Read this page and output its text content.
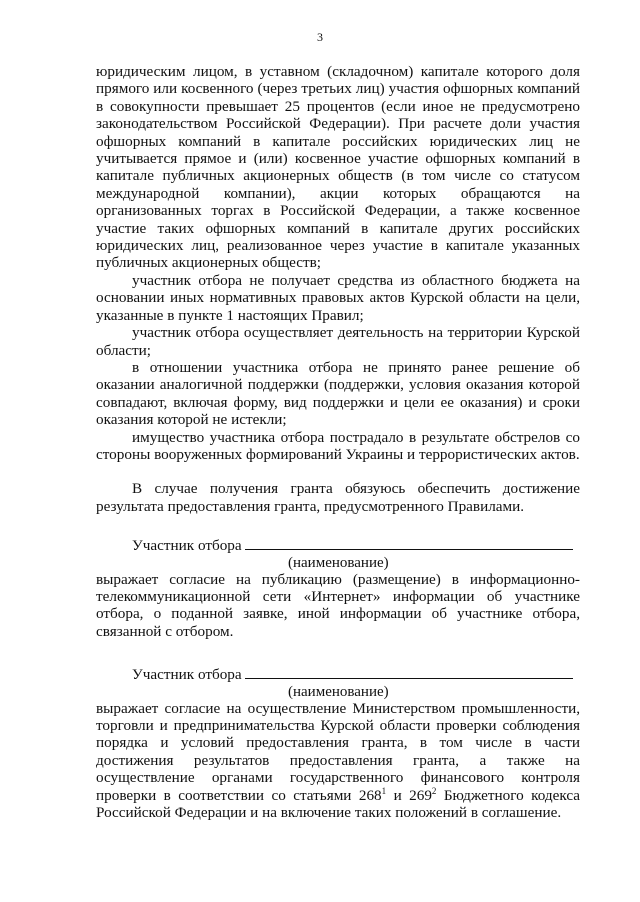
3

юридическим лицом, в уставном (складочном) капитале которого доля прямого или косвенного (через третьих лиц) участия офшорных компаний в совокупности превышает 25 процентов (если иное не предусмотрено законодательством Российской Федерации). При расчете доли участия офшорных компаний в капитале российских юридических лиц не учитывается прямое и (или) косвенное участие офшорных компаний в капитале публичных акционерных обществ (в том числе со статусом международной компании), акции которых обращаются на организованных торгах в Российской Федерации, а также косвенное участие таких офшорных компаний в капитале других российских юридических лиц, реализованное через участие в капитале указанных публичных акционерных обществ;

участник отбора не получает средства из областного бюджета на основании иных нормативных правовых актов Курской области на цели, указанные в пункте 1 настоящих Правил;

участник отбора осуществляет деятельность на территории Курской области;

в отношении участника отбора не принято ранее решение об оказании аналогичной поддержки (поддержки, условия оказания которой совпадают, включая форму, вид поддержки и цели ее оказания) и сроки оказания которой не истекли;

имущество участника отбора пострадало в результате обстрелов со стороны вооруженных формирований Украины и террористических актов.

В случае получения гранта обязуюсь обеспечить достижение результата предоставления гранта, предусмотренного Правилами.

Участник отбора

(наименование)

выражает согласие на публикацию (размещение) в информационно-телекоммуникационной сети «Интернет» информации об участнике отбора, о поданной заявке, иной информации об участнике отбора, связанной с отбором.

Участник отбора

(наименование)

выражает согласие на осуществление Министерством промышленности, торговли и предпринимательства Курской области проверки соблюдения порядка и условий предоставления гранта, в том числе в части достижения результатов предоставления гранта, а также на осуществление органами государственного финансового контроля проверки в соответствии со статьями $268^1$ и $269^2$ Бюджетного кодекса Российской Федерации и на включение таких положений в соглашение.
